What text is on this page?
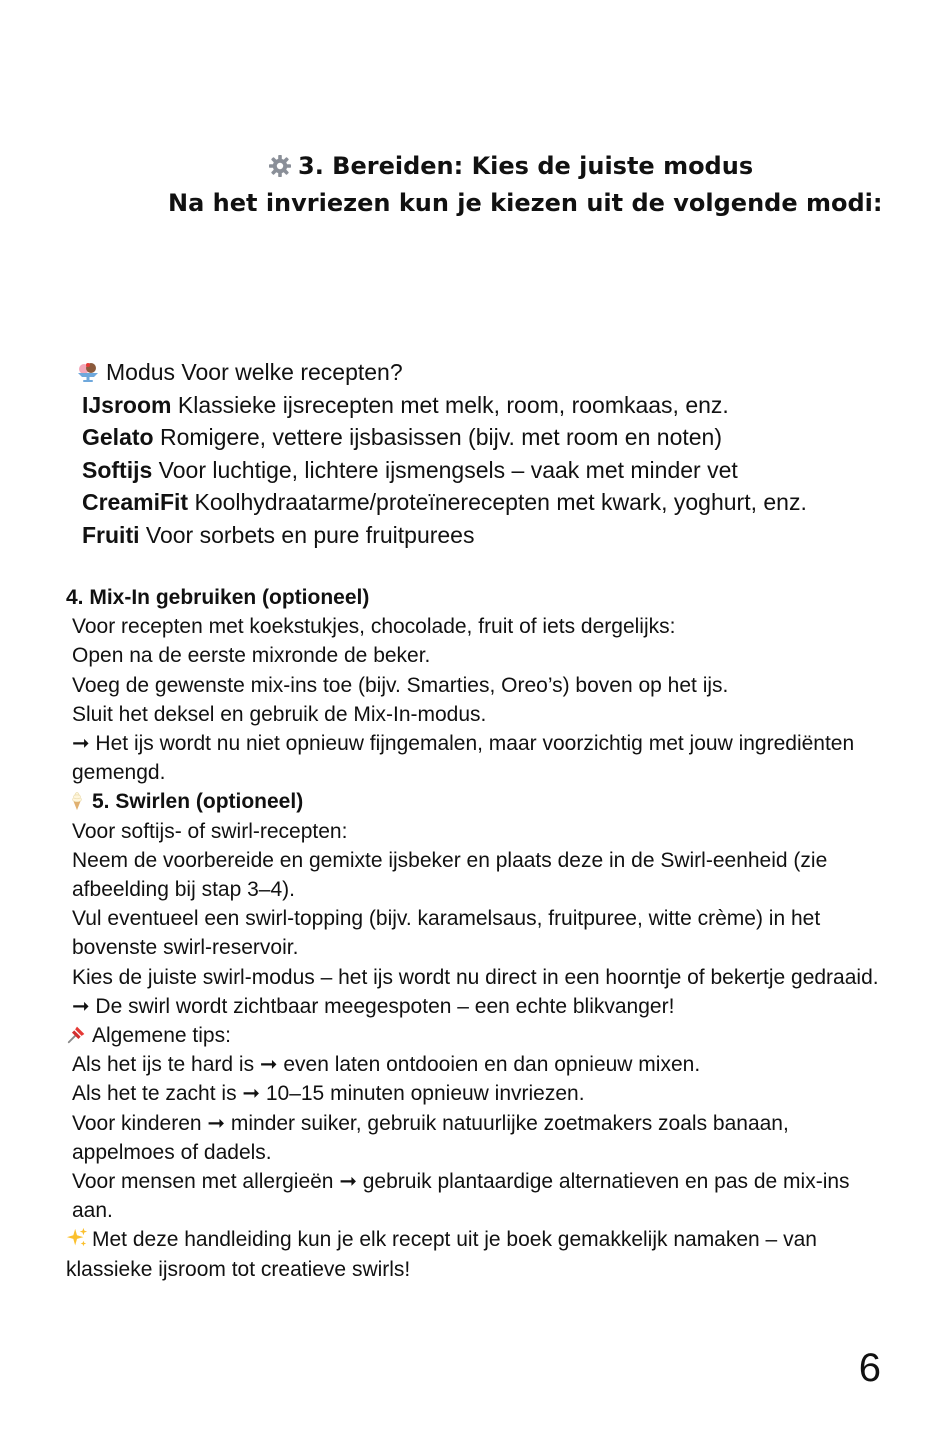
3. Bereiden: Kies de juiste modus
Na het invriezen kun je kiezen uit de volgende modi:
Modus Voor welke recepten?
IJsroom Klassieke ijsrecepten met melk, room, roomkaas, enz.
Gelato Romigere, vettere ijsbasissen (bijv. met room en noten)
Softijs Voor luchtige, lichtere ijsmengsels – vaak met minder vet
CreamiFit Koolhydraatarme/proteïnerecepten met kwark, yoghurt, enz.
Fruiti Voor sorbets en pure fruitpurees

4. Mix-In gebruiken (optioneel)

Voor recepten met koekstukjes, chocolade, fruit of iets dergelijks:

Open na de eerste mixronde de beker.

Voeg de gewenste mix-ins toe (bijv. Smarties, Oreo’s) boven op het ijs.

Sluit het deksel en gebruik de Mix-In-modus.

➞ Het ijs wordt nu niet opnieuw fijngemalen, maar voorzichtig met jouw ingrediënten gemengd.

5. Swirlen (optioneel)

Voor softijs- of swirl-recepten:

Neem de voorbereide en gemixte ijsbeker en plaats deze in de Swirl-eenheid (zie afbeelding bij stap 3–4).

Vul eventueel een swirl-topping (bijv. karamelsaus, fruitpuree, witte crème) in het bovenste swirl-reservoir.

Kies de juiste swirl-modus – het ijs wordt nu direct in een hoorntje of bekertje gedraaid.

➞ De swirl wordt zichtbaar meegespoten – een echte blikvanger!

Algemene tips:

Als het ijs te hard is ➞ even laten ontdooien en dan opnieuw mixen.

Als het te zacht is ➞ 10–15 minuten opnieuw invriezen.

Voor kinderen ➞ minder suiker, gebruik natuurlijke zoetmakers zoals banaan, appelmoes of dadels.

Voor mensen met allergieën ➞ gebruik plantaardige alternatieven en pas de mix-ins aan.

Met deze handleiding kun je elk recept uit je boek gemakkelijk namaken – van klassieke ijsroom tot creatieve swirls!

6
